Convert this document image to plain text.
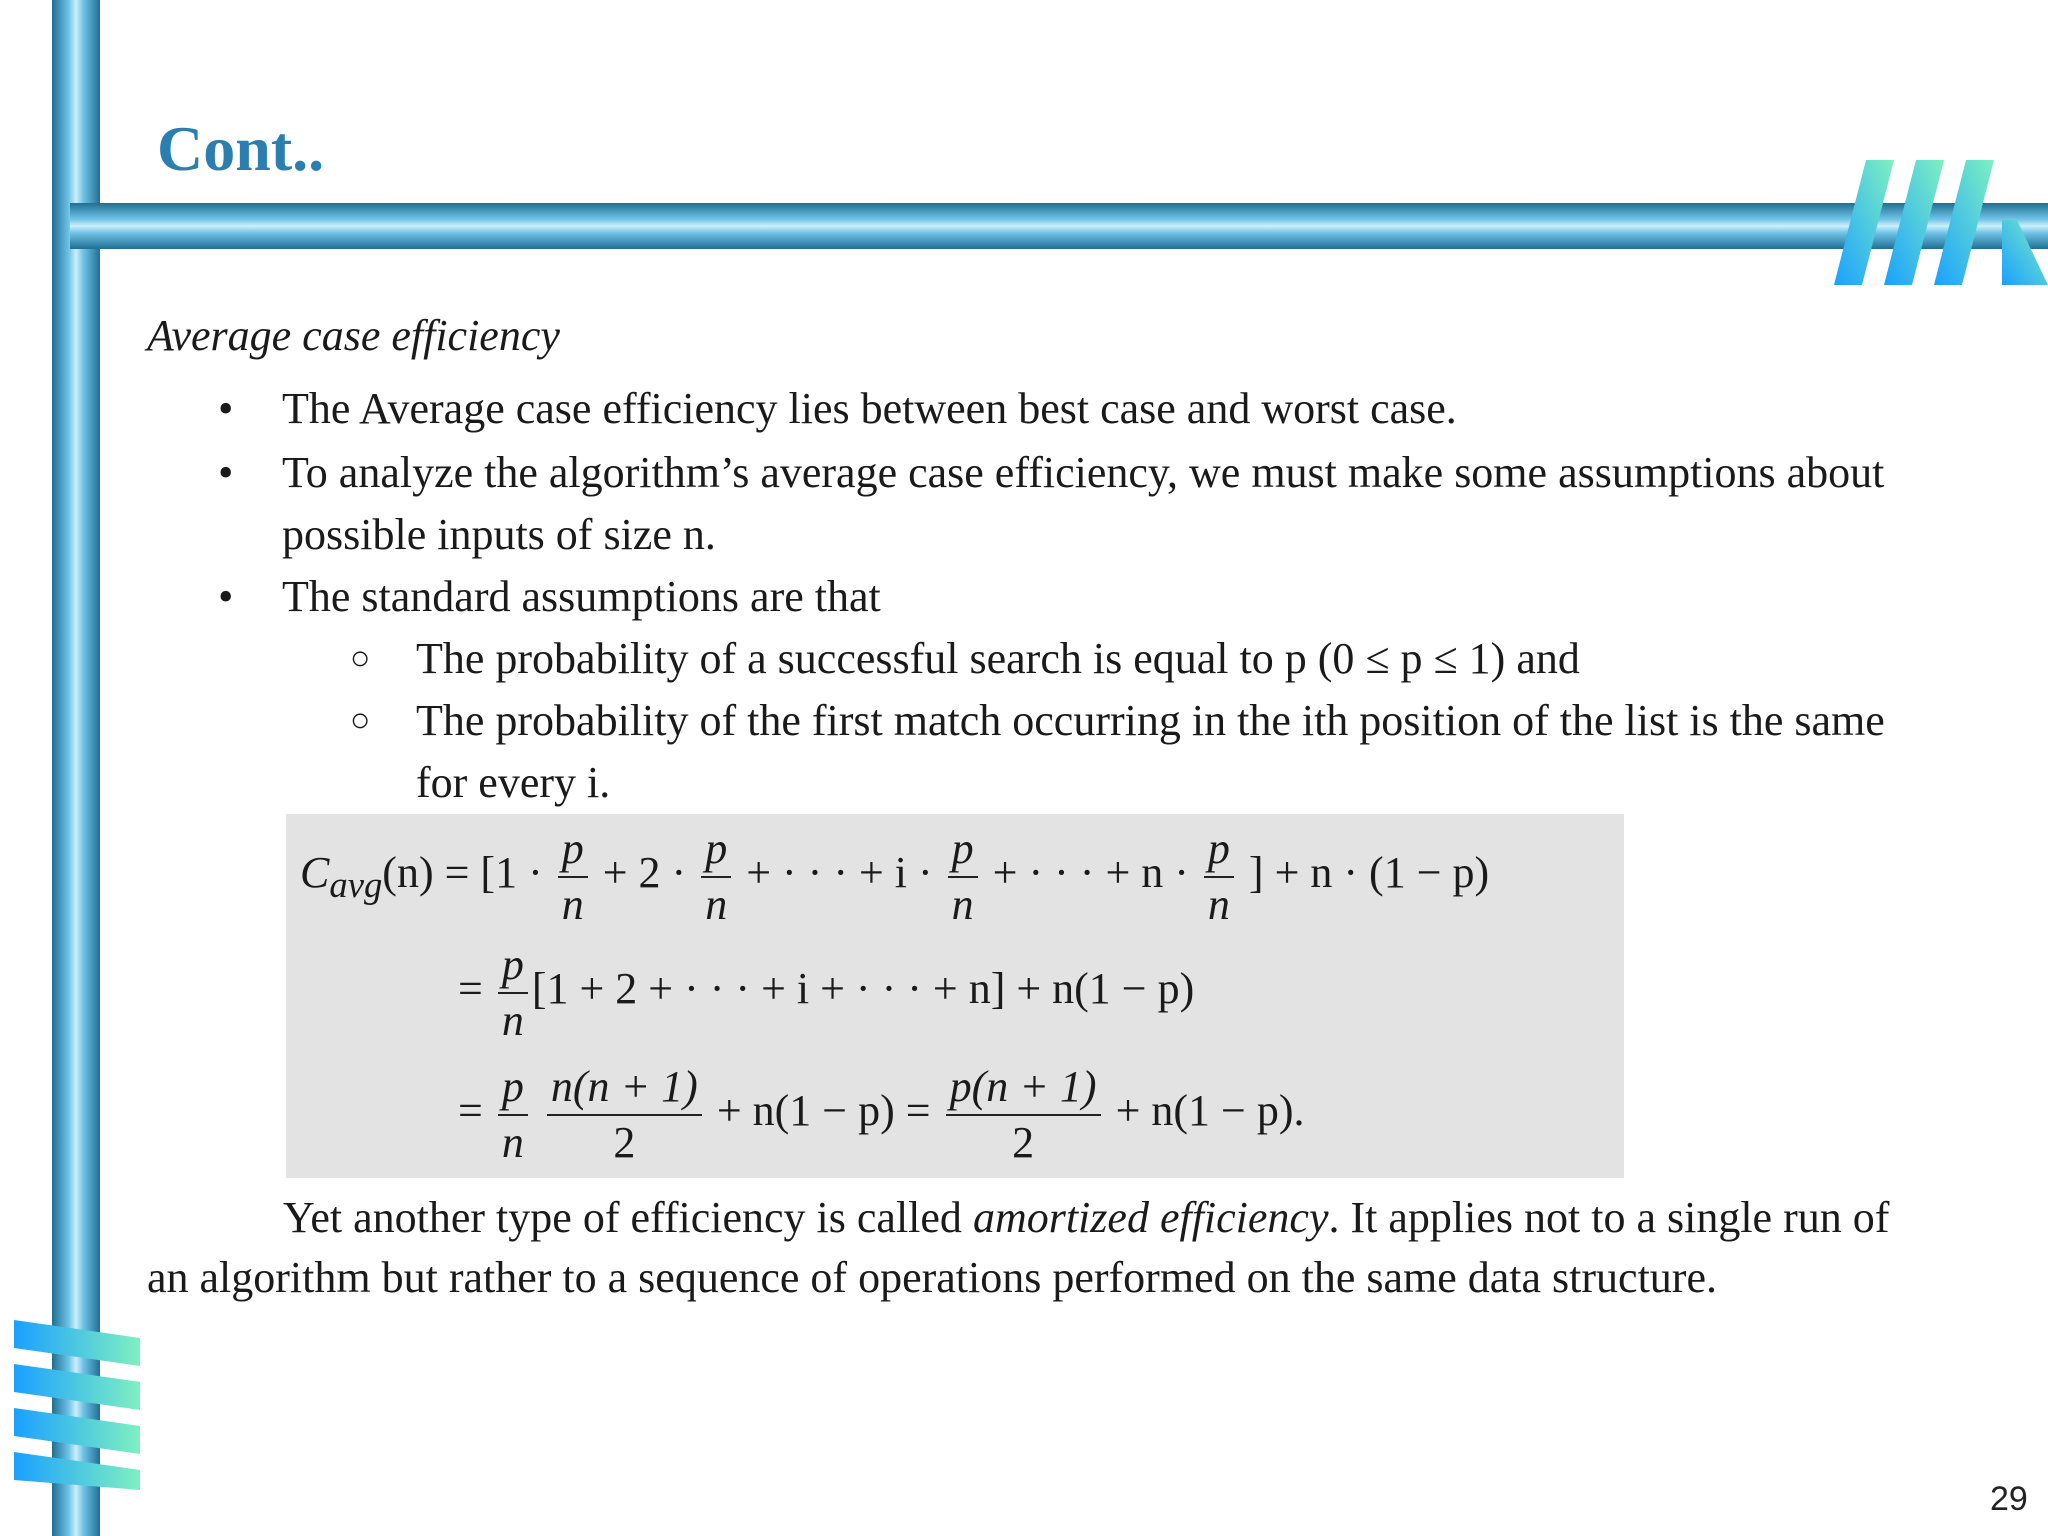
Cont..

Average case efficiency

• The Average case efficiency lies between best case and worst case.
• To analyze the algorithm’s average case efficiency, we must make some assumptions about possible inputs of size n.
• The standard assumptions are that
○ The probability of a successful search is equal to p (0 ≤ p ≤ 1) and
○ The probability of the first match occurring in the ith position of the list is the same for every i.
$C_{avg}(n) = [1 \cdot \frac{p}{n} + 2 \cdot \frac{p}{n}$ + · · · + $i \cdot \frac{p}{n}$ + · · · + $n \cdot \frac{p}{n}$ ] + n · (1 − p)
= $\frac{p}{n} [1 + 2$ + · · · + i + · · · + n] + n(1 − p)
= $\frac{p}{n}$
$\frac{n(n + 1)}{2} + n(1 - p) = \frac{p(n + 1)}{2} + n(1 - p)$.

Yet another type of efficiency is called amortized efficiency. It applies not to a single run of an algorithm but rather to a sequence of operations performed on the same data structure.

29
